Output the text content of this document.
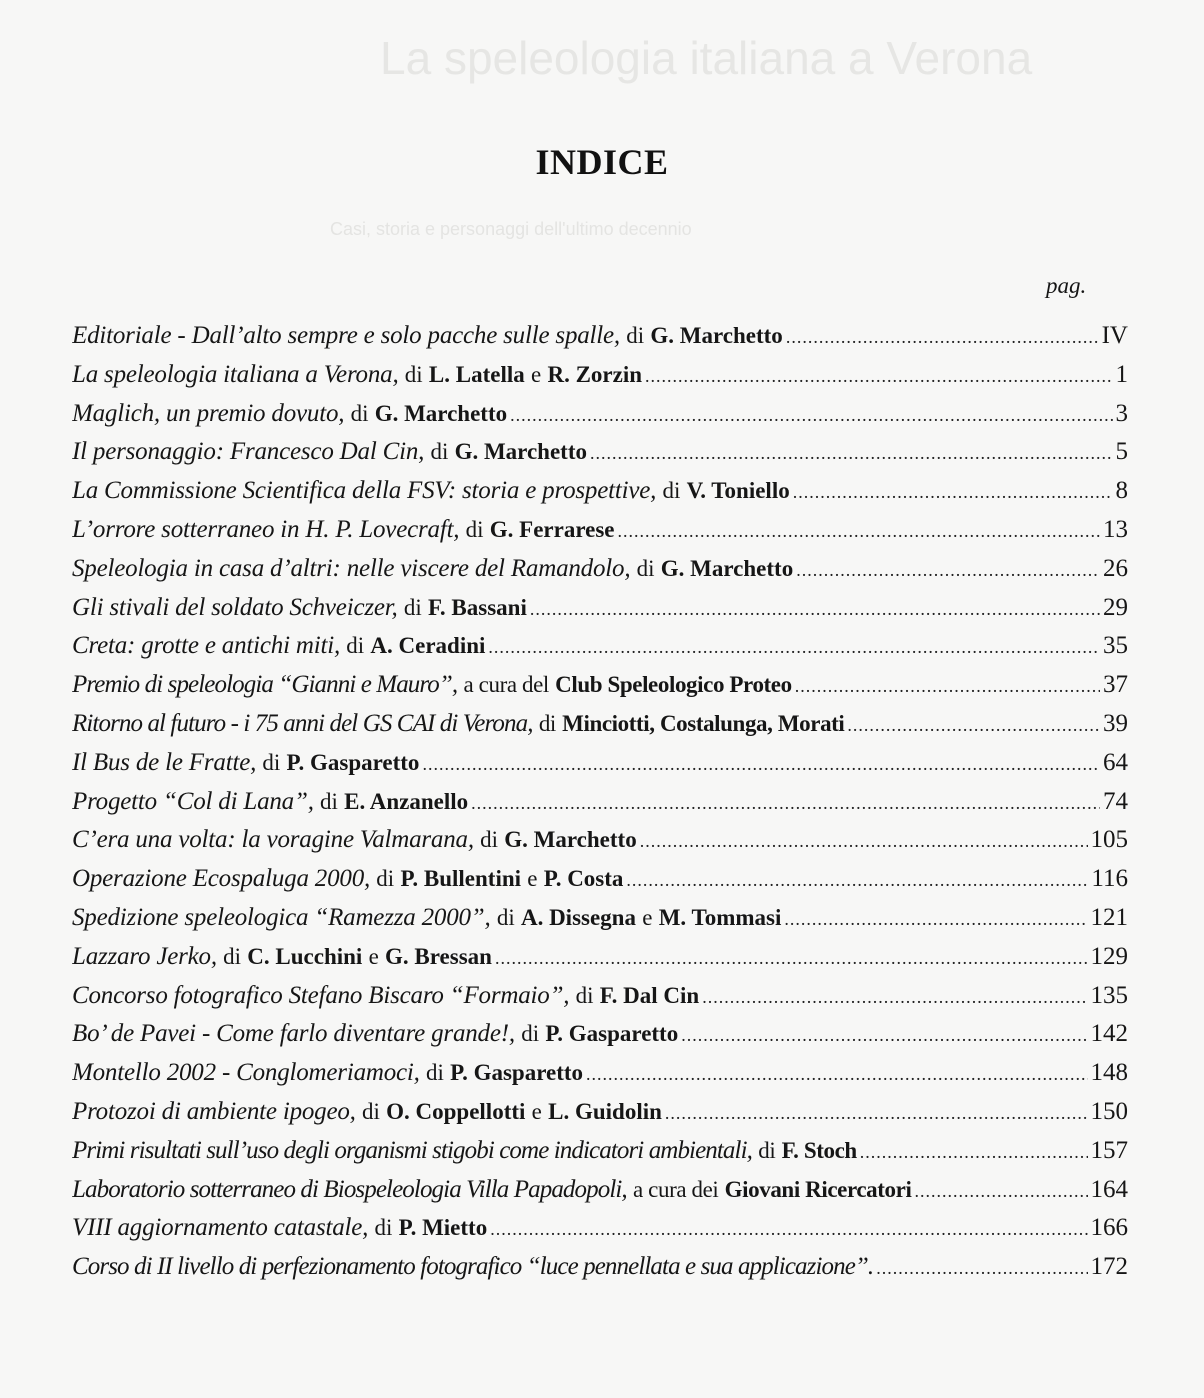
La speleologia italiana a Verona
Casi, storia e personaggi dell'ultimo decennio
INDICE
pag.
Editoriale - Dall’alto sempre e solo pacche sulle spalle, di G. Marchetto .....	IV
La speleologia italiana a Verona, di L. Latella e R. Zorzin .....	1
Maglich, un premio dovuto, di G. Marchetto .....	3
Il personaggio: Francesco Dal Cin, di G. Marchetto .....	5
La Commissione Scientifica della FSV: storia e prospettive, di V. Toniello .....	8
L’orrore sotterraneo in H. P. Lovecraft, di G. Ferrarese .....	13
Speleologia in casa d’altri: nelle viscere del Ramandolo, di G. Marchetto .....	26
Gli stivali del soldato Schveiczer, di F. Bassani .....	29
Creta: grotte e antichi miti, di A. Ceradini .....	35
Premio di speleologia “Gianni e Mauro”, a cura del Club Speleologico Proteo .....	37
Ritorno al futuro - i 75 anni del GS CAI di Verona, di Minciotti, Costalunga, Morati .....	39
Il Bus de le Fratte, di P. Gasparetto .....	64
Progetto “Col di Lana”, di E. Anzanello .....	74
C’era una volta: la voragine Valmarana, di G. Marchetto .....	105
Operazione Ecospaluga 2000, di P. Bullentini e P. Costa .....	116
Spedizione speleologica “Ramezza 2000”, di A. Dissegna e M. Tommasi .....	121
Lazzaro Jerko, di C. Lucchini e G. Bressan .....	129
Concorso fotografico Stefano Biscaro “Formaio”, di F. Dal Cin .....	135
Bo’ de Pavei - Come farlo diventare grande!, di P. Gasparetto .....	142
Montello 2002 - Conglomeriamoci, di P. Gasparetto .....	148
Protozoi di ambiente ipogeo, di O. Coppellotti e L. Guidolin .....	150
Primi risultati sull’uso degli organismi stigobi come indicatori ambientali, di F. Stoch .....	157
Laboratorio sotterraneo di Biospeleologia Villa Papadopoli, a cura dei Giovani Ricercatori .....	164
VIII aggiornamento catastale, di P. Mietto .....	166
Corso di II livello di perfezionamento fotografico “luce pennellata e sua applicazione”. .....	172
